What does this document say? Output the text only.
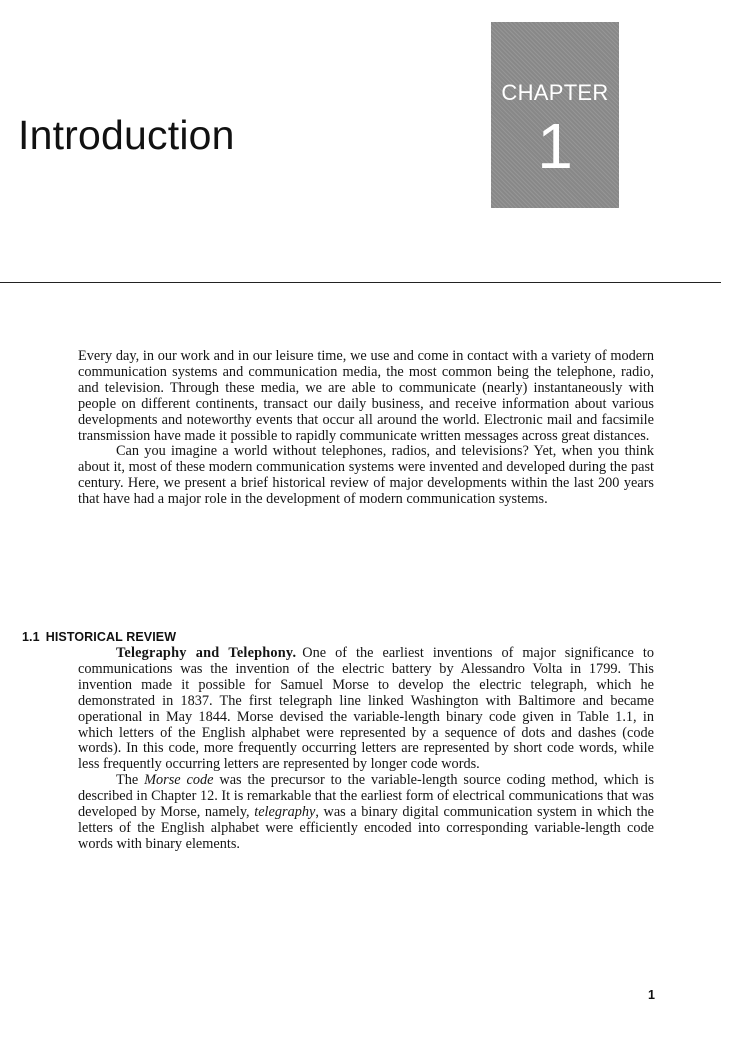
Introduction
CHAPTER
1

Every day, in our work and in our leisure time, we use and come in contact with a variety of modern communication systems and communication media, the most common being the telephone, radio, and television. Through these media, we are able to communicate (nearly) instantaneously with people on different continents, transact our daily business, and receive information about various developments and noteworthy events that occur all around the world. Electronic mail and facsimile transmission have made it possible to rapidly communicate written messages across great distances.

Can you imagine a world without telephones, radios, and televisions? Yet, when you think about it, most of these modern communication systems were invented and developed during the past century. Here, we present a brief historical review of major developments within the last 200 years that have had a major role in the development of modern communication systems.

1.1 HISTORICAL REVIEW

Telegraphy and Telephony. One of the earliest inventions of major significance to communications was the invention of the electric battery by Alessandro Volta in 1799. This invention made it possible for Samuel Morse to develop the electric telegraph, which he demonstrated in 1837. The first telegraph line linked Washington with Baltimore and became operational in May 1844. Morse devised the variable-length binary code given in Table 1.1, in which letters of the English alphabet were represented by a sequence of dots and dashes (code words). In this code, more frequently occurring letters are represented by short code words, while less frequently occurring letters are represented by longer code words.

The Morse code was the precursor to the variable-length source coding method, which is described in Chapter 12. It is remarkable that the earliest form of electrical communications that was developed by Morse, namely, telegraphy, was a binary digital communication system in which the letters of the English alphabet were efficiently encoded into corresponding variable-length code words with binary elements.

1
